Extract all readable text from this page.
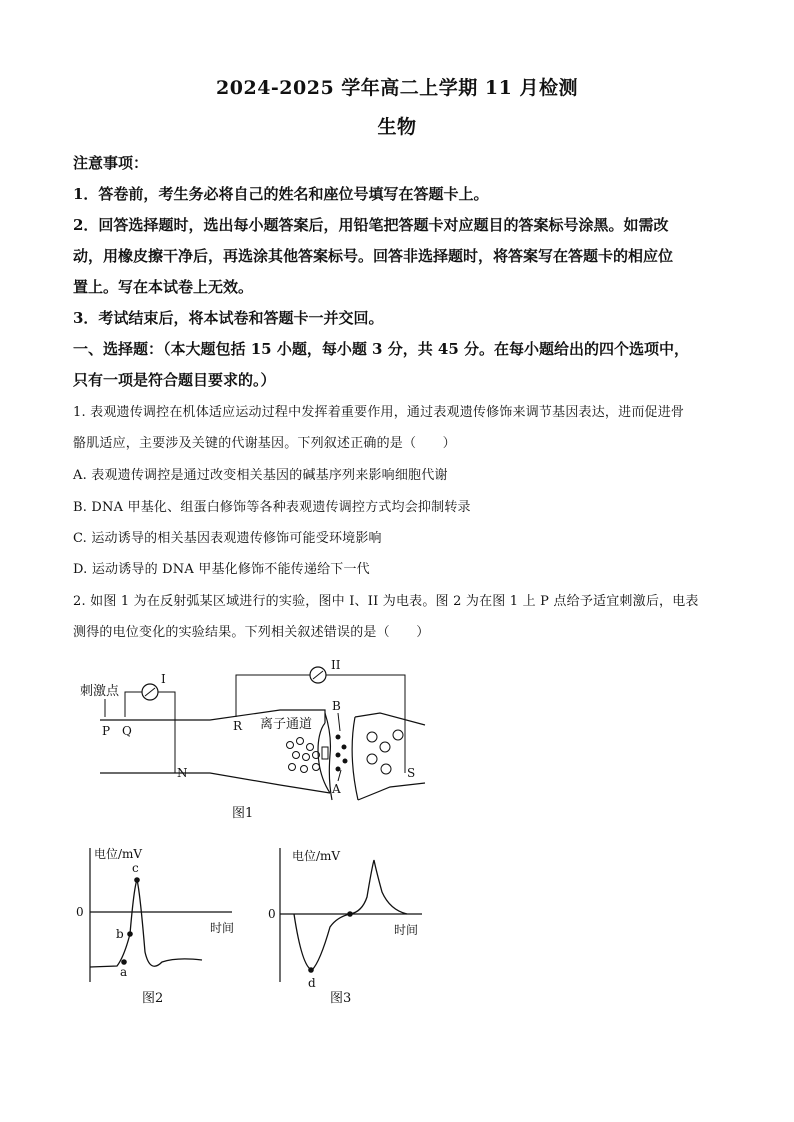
2024-2025 学年高二上学期 11 月检测
生物
注意事项：
1．答卷前，考生务必将自己的姓名和座位号填写在答题卡上。
2．回答选择题时，选出每小题答案后，用铅笔把答题卡对应题目的答案标号涂黑。如需改
动，用橡皮擦干净后，再选涂其他答案标号。回答非选择题时，将答案写在答题卡的相应位
置上。写在本试卷上无效。
3．考试结束后，将本试卷和答题卡一并交回。
一、选择题：（本大题包括 15 小题，每小题 3 分，共 45 分。在每小题给出的四个选项中，
只有一项是符合题目要求的。）
1. 表观遗传调控在机体适应运动过程中发挥着重要作用，通过表观遗传修饰来调节基因表达，进而促进骨
骼肌适应，主要涉及关键的代谢基因。下列叙述正确的是（　　）
A. 表观遗传调控是通过改变相关基因的碱基序列来影响细胞代谢
B. DNA 甲基化、组蛋白修饰等各种表观遗传调控方式均会抑制转录
C. 运动诱导的相关基因表观遗传修饰可能受环境影响
D. 运动诱导的 DNA 甲基化修饰不能传递给下一代
2. 如图 1 为在反射弧某区域进行的实验，图中 I、II 为电表。图 2 为在图 1 上 P 点给予适宜刺激后，电表
测得的电位变化的实验结果。下列相关叙述错误的是（　　）
I
刺激点
P Q	离子通道
B
A
0
II
R
N	S
图1
电位/mV
0
时间
a
b
c
图2
电位/mV
0
时间
d
图3
